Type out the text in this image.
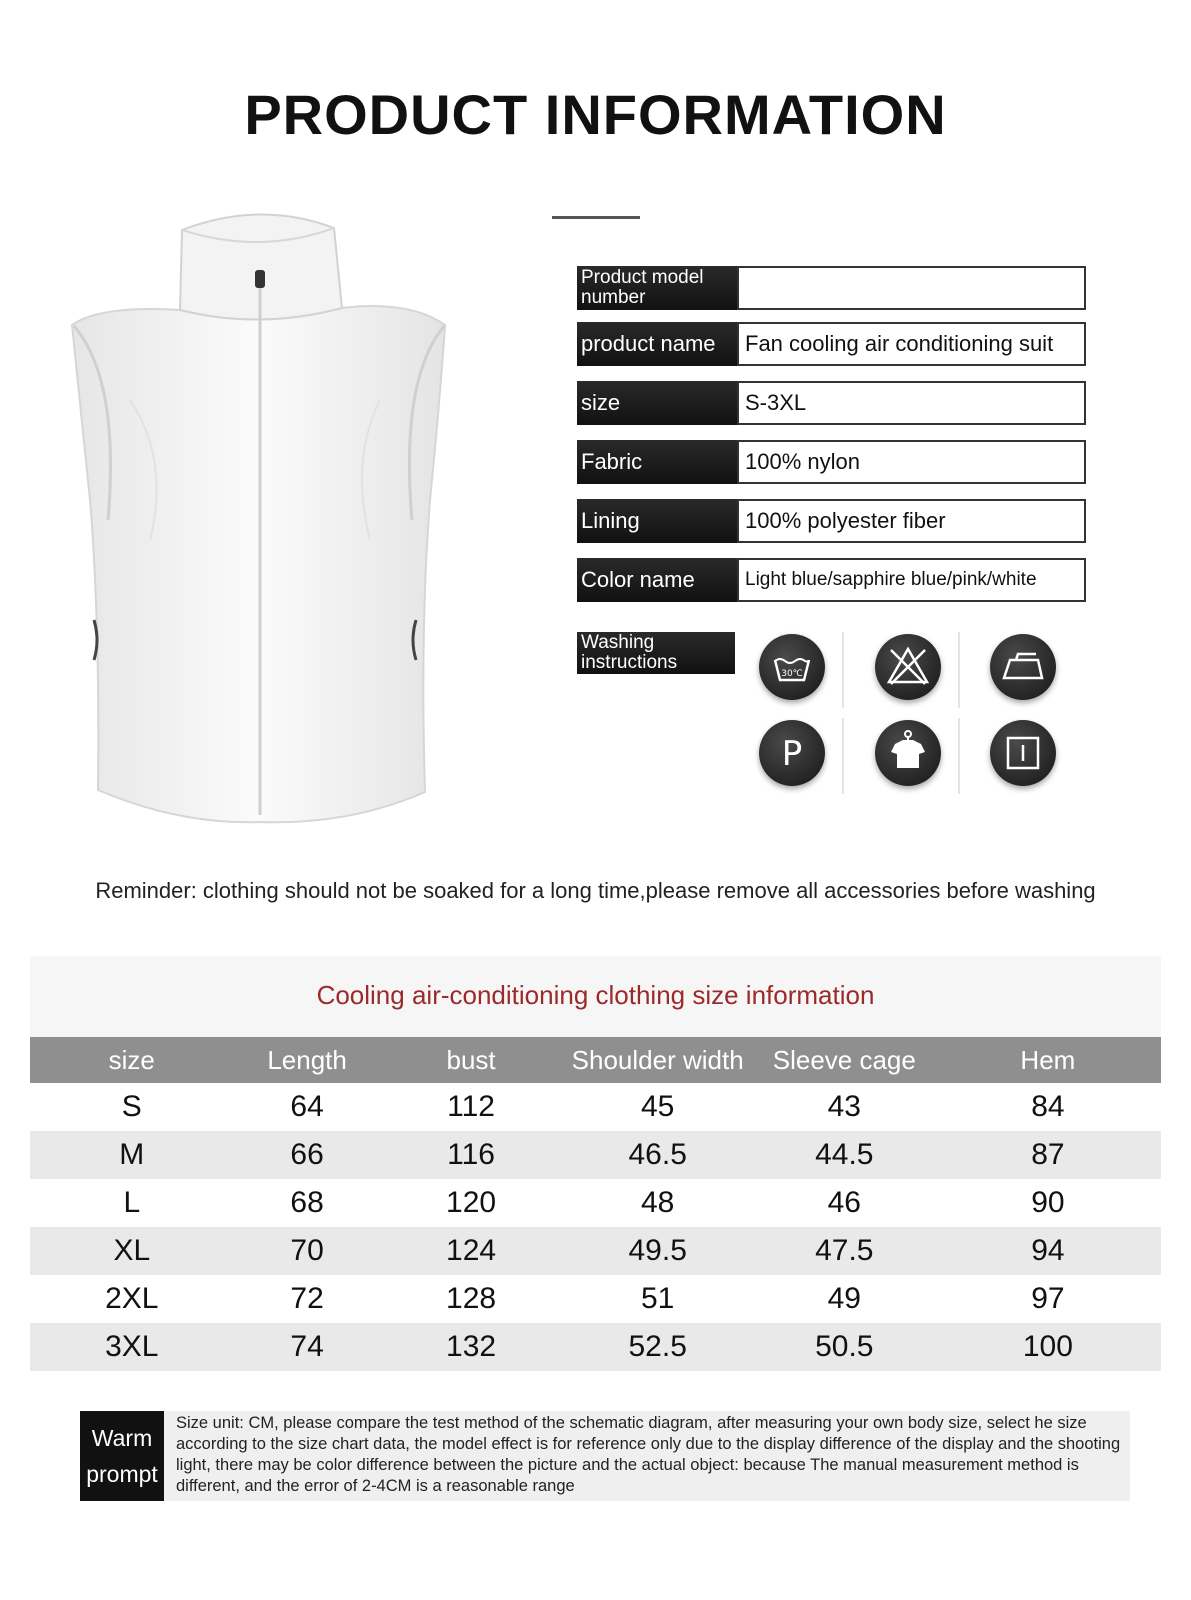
PRODUCT INFORMATION
Product model number
product name	Fan cooling air conditioning suit
size	S-3XL
Fabric	100% nylon
Lining	100% polyester fiber
Color name	Light blue/sapphire blue/pink/white
Washing instructions
30℃
P
Reminder: clothing should not be soaked for a long time,please remove all accessories before washing
Cooling air-conditioning clothing size information
size	Length	bust	Shoulder width	Sleeve cage	Hem
S	64	112	45	43	84
M	66	116	46.5	44.5	87
L	68	120	48	46	90
XL	70	124	49.5	47.5	94
2XL	72	128	51	49	97
3XL	74	132	52.5	50.5	100
Warm
prompt
Size unit: CM, please compare the test method of the schematic diagram, after measuring your own body size, select he size according to the size chart data, the model effect is for reference only due to the display difference of the display and the shooting light, there may be color difference between the picture and the actual object: because The manual measurement method is different, and the error of 2-4CM is a reasonable range
